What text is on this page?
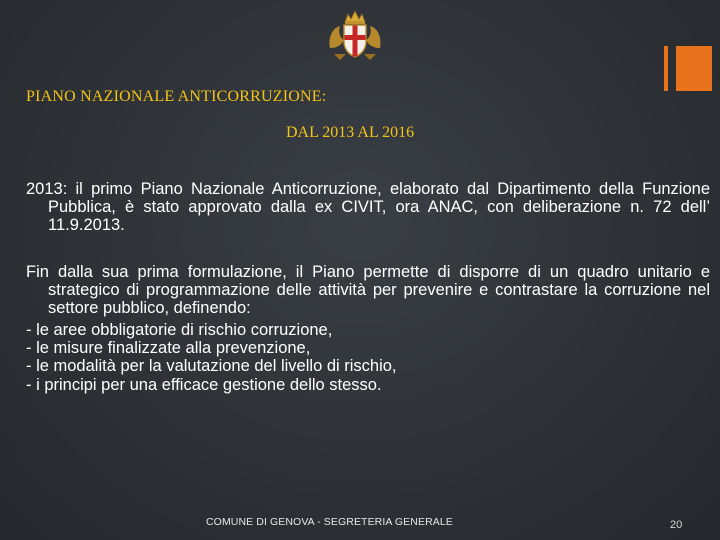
PIANO NAZIONALE ANTICORRUZIONE:
DAL 2013 AL 2016

2013: il primo Piano Nazionale Anticorruzione, elaborato dal Dipartimento della Funzione Pubblica, è stato approvato dalla ex CIVIT, ora ANAC, con deliberazione n. 72 dell’ 11.9.2013.

Fin dalla sua prima formulazione, il Piano permette di disporre di un quadro unitario e strategico di programmazione delle attività per prevenire e contrastare la corruzione nel settore pubblico, definendo:

- le aree obbligatorie di rischio corruzione,
- le misure finalizzate alla prevenzione,
- le modalità per la valutazione del livello di rischio,
- i principi per una efficace gestione dello stesso.
COMUNE DI GENOVA - SEGRETERIA GENERALE	20
